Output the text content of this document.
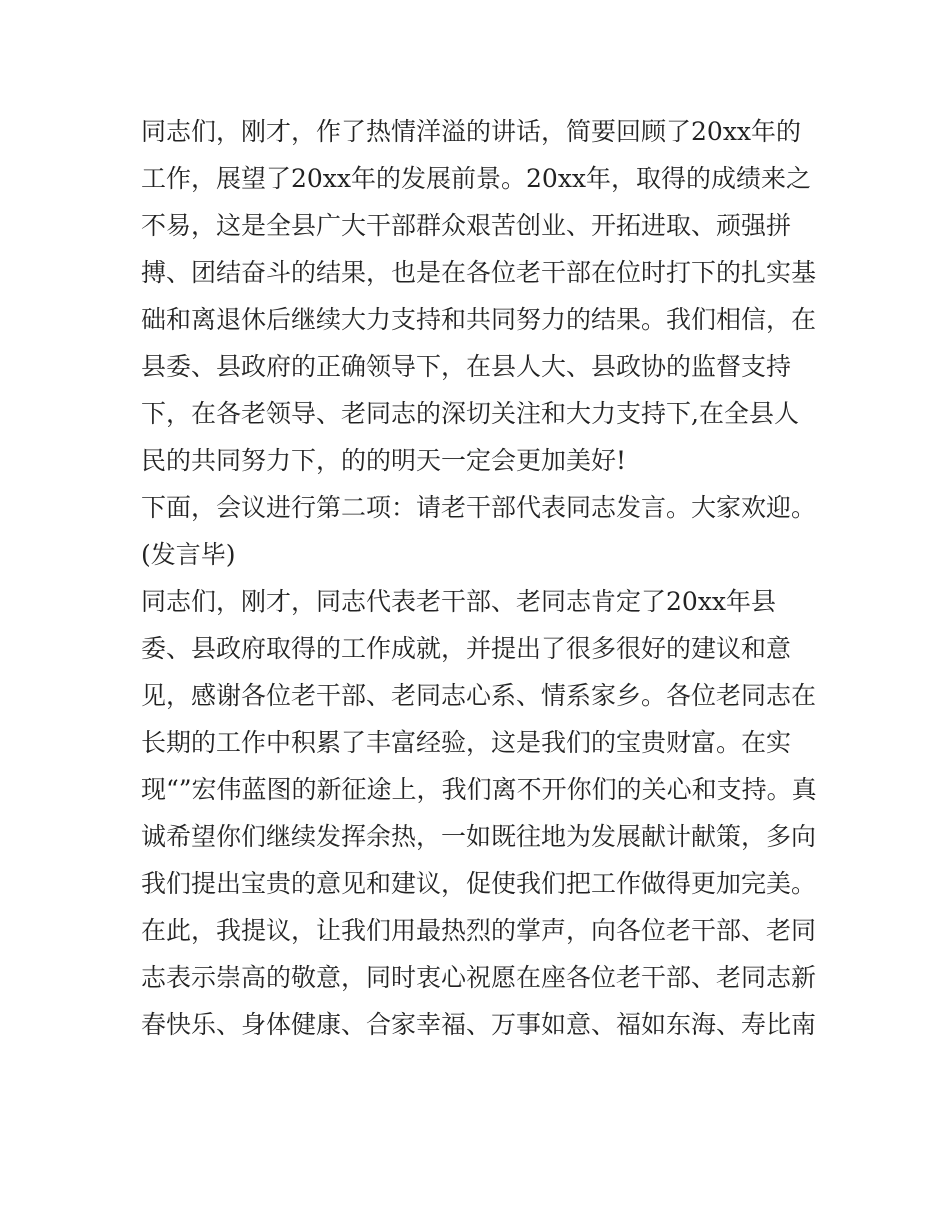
同志们，刚才，作了热情洋溢的讲话，简要回顾了20xx年的
工作，展望了20xx年的发展前景。20xx年，取得的成绩来之
不易，这是全县广大干部群众艰苦创业、开拓进取、顽强拼
搏、团结奋斗的结果，也是在各位老干部在位时打下的扎实基
础和离退休后继续大力支持和共同努力的结果。我们相信，在
县委、县政府的正确领导下，在县人大、县政协的监督支持
下，在各老领导、老同志的深切关注和大力支持下,在全县人
民的共同努力下，的的明天一定会更加美好!
下面，会议进行第二项：请老干部代表同志发言。大家欢迎。
(发言毕)
同志们，刚才，同志代表老干部、老同志肯定了20xx年县
委、县政府取得的工作成就，并提出了很多很好的建议和意
见，感谢各位老干部、老同志心系、情系家乡。各位老同志在
长期的工作中积累了丰富经验，这是我们的宝贵财富。在实
现“”宏伟蓝图的新征途上，我们离不开你们的关心和支持。真
诚希望你们继续发挥余热，一如既往地为发展献计献策，多向
我们提出宝贵的意见和建议，促使我们把工作做得更加完美。
在此，我提议，让我们用最热烈的掌声，向各位老干部、老同
志表示崇高的敬意，同时衷心祝愿在座各位老干部、老同志新
春快乐、身体健康、合家幸福、万事如意、福如东海、寿比南
